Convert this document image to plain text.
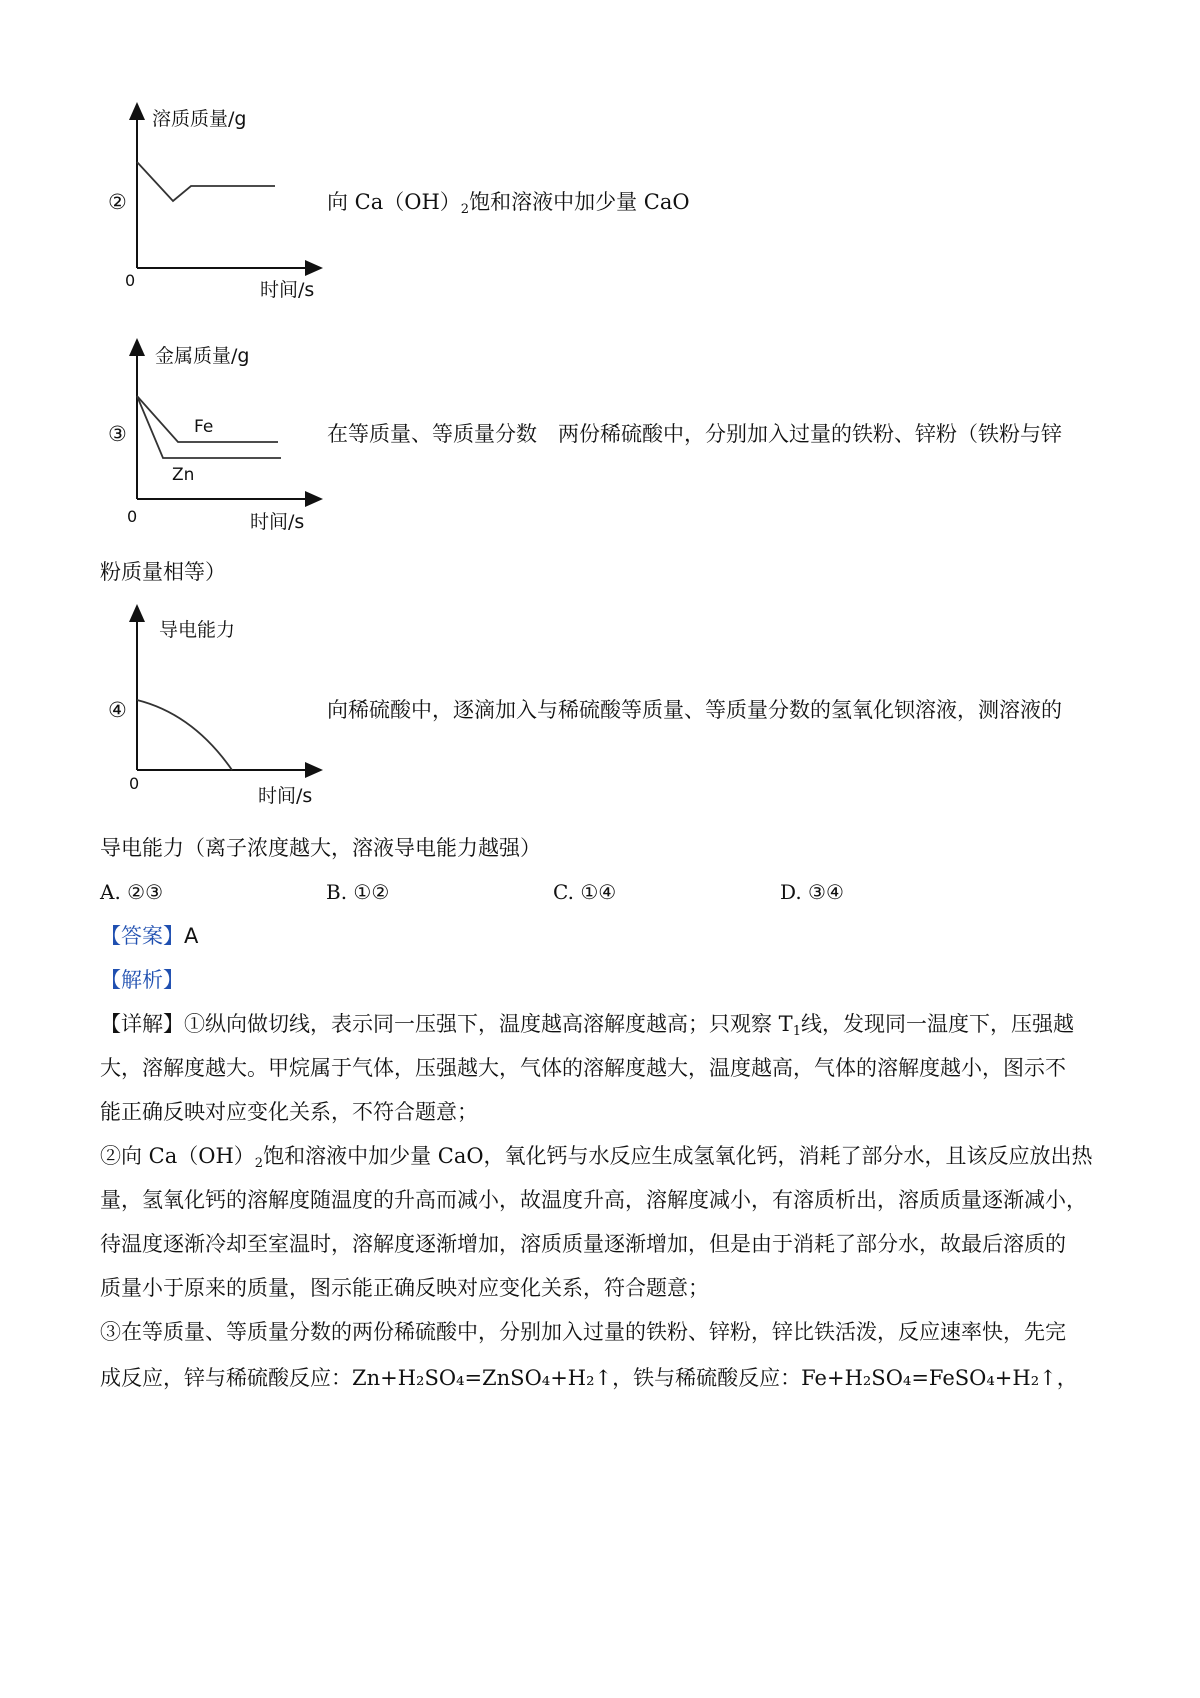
②
溶质质量/g
时间/s
0
向 $Ca(OH)_2$饱和溶液中加少量 CaO
③
金属质量/g
Fe
Zn
时间/s
0
在等质量、等质量分数　两份稀硫酸中，分别加入过量的铁粉、锌粉（铁粉与锌
粉质量相等）
④
导电能力
时间/s
0
向稀硫酸中，逐滴加入与稀硫酸等质量、等质量分数的氢氧化钡溶液，测溶液的
导电能力（离子浓度越大，溶液导电能力越强）
A. ②③	B. ①②	C. ①④	D. ③④
【答案】A
【解析】
【详解】①纵向做切线，表示同一压强下，温度越高溶解度越高；只观察 $T_1$线，发现同一温度下，压强越
大，溶解度越大。甲烷属于气体，压强越大，气体的溶解度越大，温度越高，气体的溶解度越小，图示不
能正确反映对应变化关系，不符合题意；
②向 $Ca(OH)_2$饱和溶液中加少量 CaO，氧化钙与水反应生成氢氧化钙，消耗了部分水，且该反应放出热
量，氢氧化钙的溶解度随温度的升高而减小，故温度升高，溶解度减小，有溶质析出，溶质质量逐渐减小，
待温度逐渐冷却至室温时，溶解度逐渐增加，溶质质量逐渐增加，但是由于消耗了部分水，故最后溶质的
质量小于原来的质量，图示能正确反映对应变化关系，符合题意；
③在等质量、等质量分数的两份稀硫酸中，分别加入过量的铁粉、锌粉，锌比铁活泼，反应速率快，先完
成反应，锌与稀硫酸反应：Zn+H₂SO₄=ZnSO₄+H₂↑，铁与稀硫酸反应：Fe+H₂SO₄=FeSO₄+H₂↑，
